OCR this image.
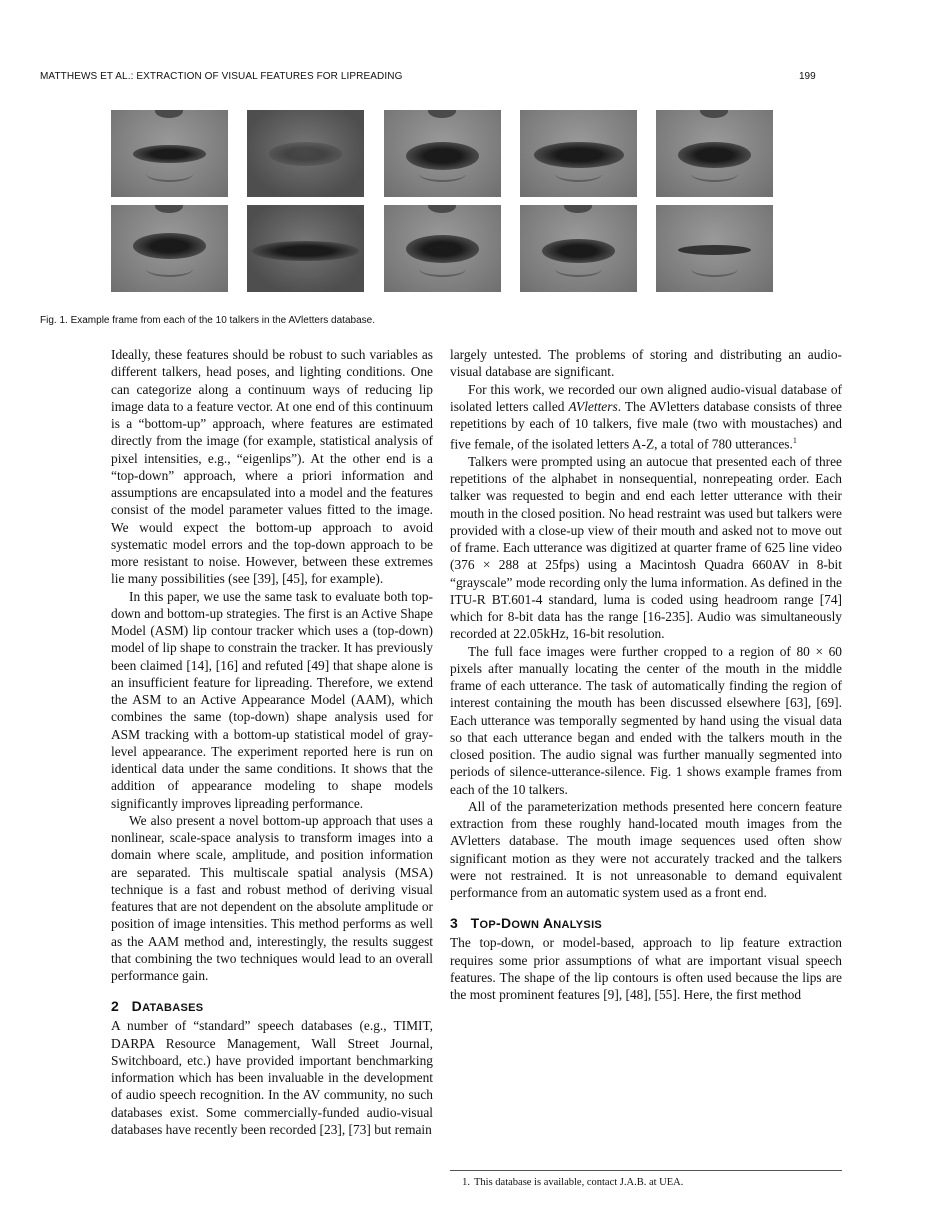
MATTHEWS ET AL.: EXTRACTION OF VISUAL FEATURES FOR LIPREADING	199
Fig. 1. Example frame from each of the 10 talkers in the AVletters database.

Ideally, these features should be robust to such variables as different talkers, head poses, and lighting conditions. One can categorize along a continuum ways of reducing lip image data to a feature vector. At one end of this continuum is a “bottom-up” approach, where features are estimated directly from the image (for example, statistical analysis of pixel intensities, e.g., “eigenlips”). At the other end is a “top-down” approach, where a priori information and assumptions are encapsulated into a model and the features consist of the model parameter values fitted to the image. We would expect the bottom-up approach to avoid systematic model errors and the top-down approach to be more resistant to noise. However, between these extremes lie many possibilities (see [39], [45], for example).

In this paper, we use the same task to evaluate both top-down and bottom-up strategies. The first is an Active Shape Model (ASM) lip contour tracker which uses a (top-down) model of lip shape to constrain the tracker. It has previously been claimed [14], [16] and refuted [49] that shape alone is an insufficient feature for lipreading. Therefore, we extend the ASM to an Active Appearance Model (AAM), which combines the same (top-down) shape analysis used for ASM tracking with a bottom-up statistical model of gray-level appearance. The experiment reported here is run on identical data under the same conditions. It shows that the addition of appearance modeling to shape models significantly improves lipreading performance.

We also present a novel bottom-up approach that uses a nonlinear, scale-space analysis to transform images into a domain where scale, amplitude, and position information are separated. This multiscale spatial analysis (MSA) technique is a fast and robust method of deriving visual features that are not dependent on the absolute amplitude or position of image intensities. This method performs as well as the AAM method and, interestingly, the results suggest that combining the two techniques would lead to an overall performance gain.

2 DATABASES

A number of “standard” speech databases (e.g., TIMIT, DARPA Resource Management, Wall Street Journal, Switchboard, etc.) have provided important benchmarking information which has been invaluable in the development of audio speech recognition. In the AV community, no such databases exist. Some commercially-funded audio-visual databases have recently been recorded [23], [73] but remain

largely untested. The problems of storing and distributing an audio-visual database are significant.

For this work, we recorded our own aligned audio-visual database of isolated letters called AVletters. The AVletters database consists of three repetitions by each of 10 talkers, five male (two with moustaches) and five female, of the isolated letters A-Z, a total of 780 utterances.$^1$

Talkers were prompted using an autocue that presented each of three repetitions of the alphabet in nonsequential, nonrepeating order. Each talker was requested to begin and end each letter utterance with their mouth in the closed position. No head restraint was used but talkers were provided with a close-up view of their mouth and asked not to move out of frame. Each utterance was digitized at quarter frame of 625 line video (376 × 288 at 25fps) using a Macintosh Quadra 660AV in 8-bit “grayscale” mode recording only the luma information. As defined in the ITU-R BT.601-4 standard, luma is coded using headroom range [74] which for 8-bit data has the range [16-235]. Audio was simultaneously recorded at 22.05kHz, 16-bit resolution.

The full face images were further cropped to a region of 80 × 60 pixels after manually locating the center of the mouth in the middle frame of each utterance. The task of automatically finding the region of interest containing the mouth has been discussed elsewhere [63], [69]. Each utterance was temporally segmented by hand using the visual data so that each utterance began and ended with the talkers mouth in the closed position. The audio signal was further manually segmented into periods of silence-utterance-silence. Fig. 1 shows example frames from each of the 10 talkers.

All of the parameterization methods presented here concern feature extraction from these roughly hand-located mouth images from the AVletters database. The mouth image sequences used often show significant motion as they were not accurately tracked and the talkers were not restrained. It is not unreasonable to demand equivalent performance from an automatic system used as a front end.

3 TOP-DOWN ANALYSIS

The top-down, or model-based, approach to lip feature extraction requires some prior assumptions of what are important visual speech features. The shape of the lip contours is often used because the lips are the most prominent features [9], [48], [55]. Here, the first method

1. This database is available, contact J.A.B. at UEA.
